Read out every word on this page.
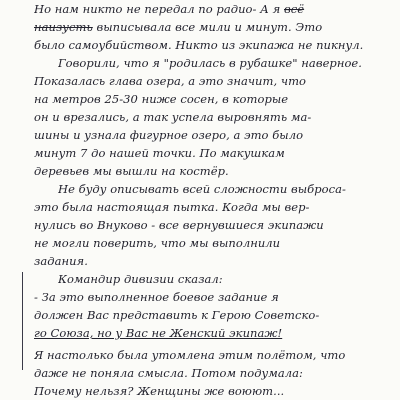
Но нам никто не передал по радио- А я всё
наизусть выписывала все мили и минут. Это
было самоубийством. Никто из экипажа не пикнул.
Говорили, что я "родилась в рубашке" наверное.
Показалась глава озера, а это значит, что
на метров 25-30 ниже сосен, в которые
он и врезались, а так успела выровнять ма-
шины и узнала фигурное озеро, а это было
минут 7 до нашей точки. По макушкам
деревьев мы вышли на костёр.
Не буду описывать всей сложности выброса-
это была настоящая пытка. Когда мы вер-
нулись во Внуково - все вернувшиеся экипажи
не могли поверить, что мы выполнили
задания.
Командир дивизии сказал:
- За это выполненное боевое задание я
должен Вас представить к Герою Советско-
го Союза, но у Вас не Женский экипаж!
Я настолько была утомлена этим полётом, что
даже не поняла смысла. Потом подумала:
Почему нельзя? Женщины же воюют...
